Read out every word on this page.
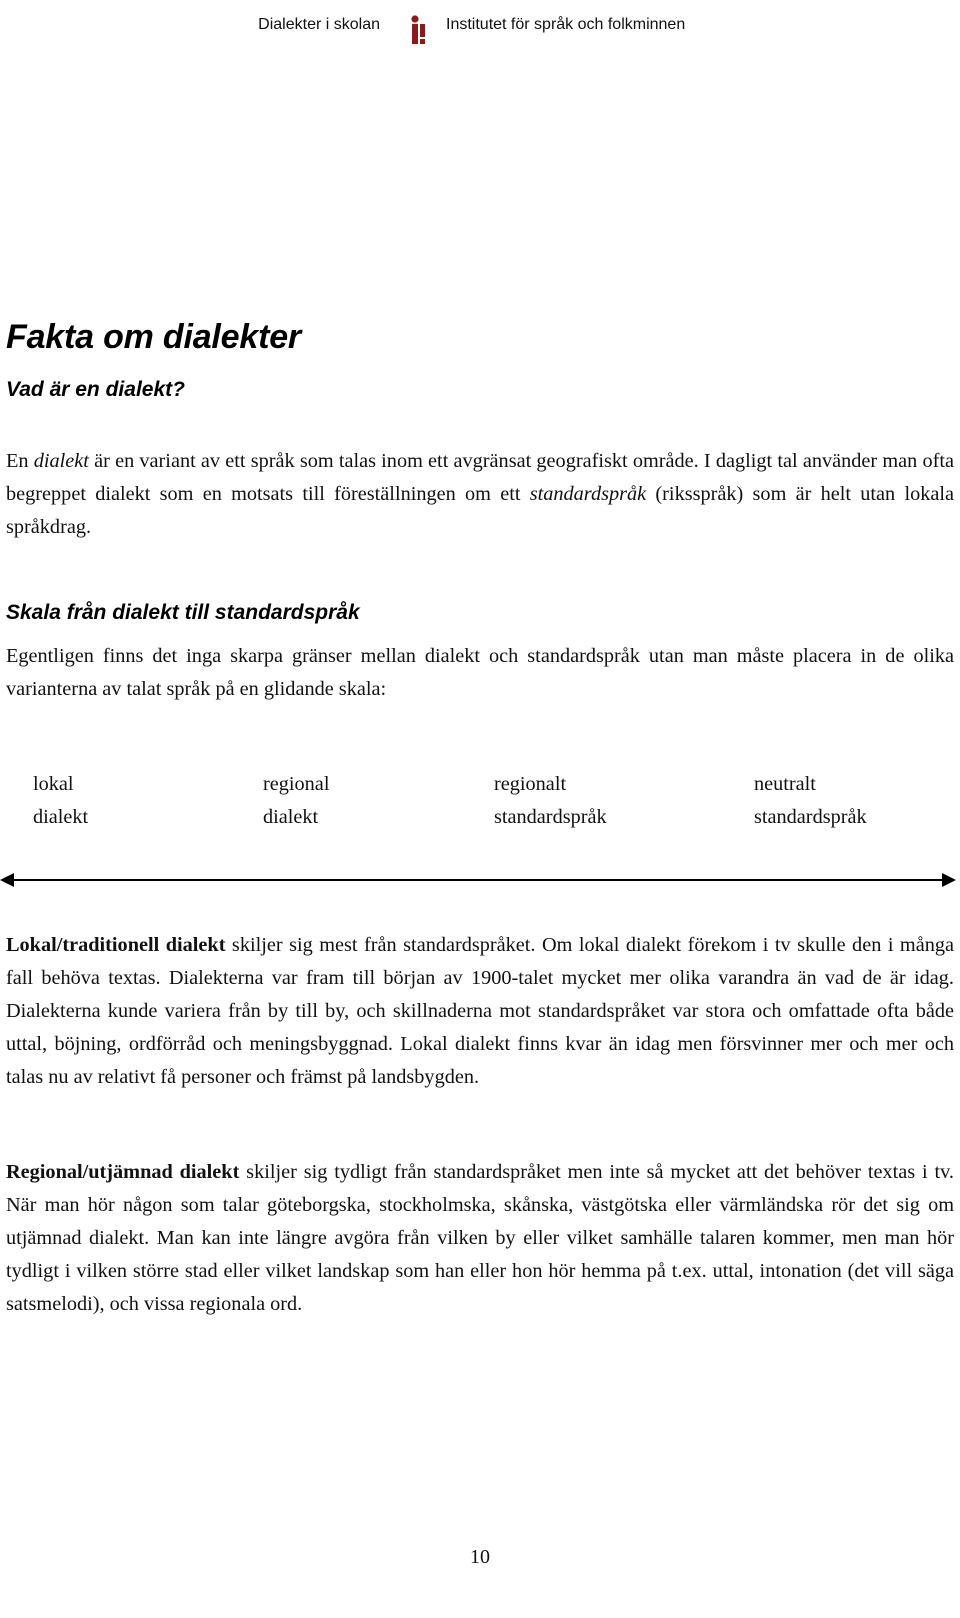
Dialekter i skolan	Institutet för språk och folkminnen
Fakta om dialekter
Vad är en dialekt?

En dialekt är en variant av ett språk som talas inom ett avgränsat geografiskt område. I dagligt tal använder man ofta begreppet dialekt som en motsats till föreställningen om ett standardspråk (riksspråk) som är helt utan lokala språkdrag.

Skala från dialekt till standardspråk

Egentligen finns det inga skarpa gränser mellan dialekt och standardspråk utan man måste placera in de olika varianterna av talat språk på en glidande skala:

lokal
dialekt
regional
dialekt
regionalt
standardspråk
neutralt
standardspråk

Lokal/traditionell dialekt skiljer sig mest från standardspråket. Om lokal dialekt förekom i tv skulle den i många fall behöva textas. Dialekterna var fram till början av 1900-talet mycket mer olika varandra än vad de är idag. Dialekterna kunde variera från by till by, och skillnaderna mot standardspråket var stora och omfattade ofta både uttal, böjning, ordförråd och meningsbyggnad. Lokal dialekt finns kvar än idag men försvinner mer och mer och talas nu av relativt få personer och främst på landsbygden.

Regional/utjämnad dialekt skiljer sig tydligt från standardspråket men inte så mycket att det behöver textas i tv. När man hör någon som talar göteborgska, stockholmska, skånska, västgötska eller värmländska rör det sig om utjämnad dialekt. Man kan inte längre avgöra från vilken by eller vilket samhälle talaren kommer, men man hör tydligt i vilken större stad eller vilket landskap som han eller hon hör hemma på t.ex. uttal, intonation (det vill säga satsmelodi), och vissa regionala ord.

10
